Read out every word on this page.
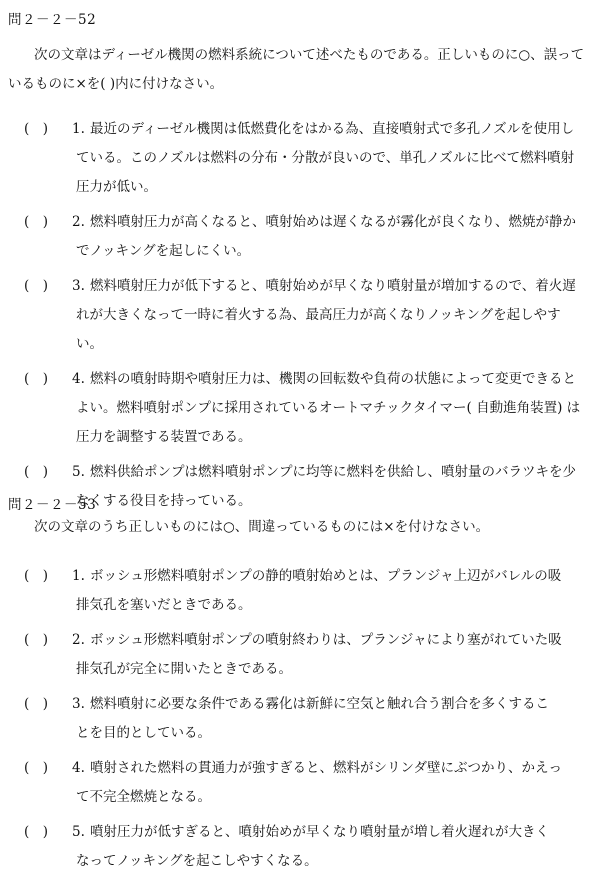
問２－２－52
次の文章はディーゼル機関の燃料系統について述べたものである。正しいものに○、誤っているものに×を( )内に付けなさい。
(　) 1. 最近のディーゼル機関は低燃費化をはかる為、直接噴射式で多孔ノズルを使用している。このノズルは燃料の分布・分散が良いので、単孔ノズルに比べて燃料噴射圧力が低い。
(　) 2. 燃料噴射圧力が高くなると、噴射始めは遅くなるが霧化が良くなり、燃焼が静かでノッキングを起しにくい。
(　) 3. 燃料噴射圧力が低下すると、噴射始めが早くなり噴射量が増加するので、着火遅れが大きくなって一時に着火する為、最高圧力が高くなりノッキングを起しやすい。
(　) 4. 燃料の噴射時期や噴射圧力は、機関の回転数や負荷の状態によって変更できるとよい。燃料噴射ポンプに採用されているオートマチックタイマー( 自動進角装置) は圧力を調整する装置である。
(　) 5. 燃料供給ポンプは燃料噴射ポンプに均等に燃料を供給し、噴射量のバラツキを少なくする役目を持っている。
問２－２－53
次の文章のうち正しいものには○、間違っているものには×を付けなさい。
(　) 1. ボッシュ形燃料噴射ポンプの静的噴射始めとは、プランジャ上辺がバレルの吸排気孔を塞いだときである。
(　) 2. ボッシュ形燃料噴射ポンプの噴射終わりは、プランジャにより塞がれていた吸排気孔が完全に開いたときである。
(　) 3. 燃料噴射に必要な条件である霧化は新鮮に空気と触れ合う割合を多くすることを目的としている。
(　) 4. 噴射された燃料の貫通力が強すぎると、燃料がシリンダ壁にぶつかり、かえって不完全燃焼となる。
(　) 5. 噴射圧力が低すぎると、噴射始めが早くなり噴射量が増し着火遅れが大きくなってノッキングを起こしやすくなる。
